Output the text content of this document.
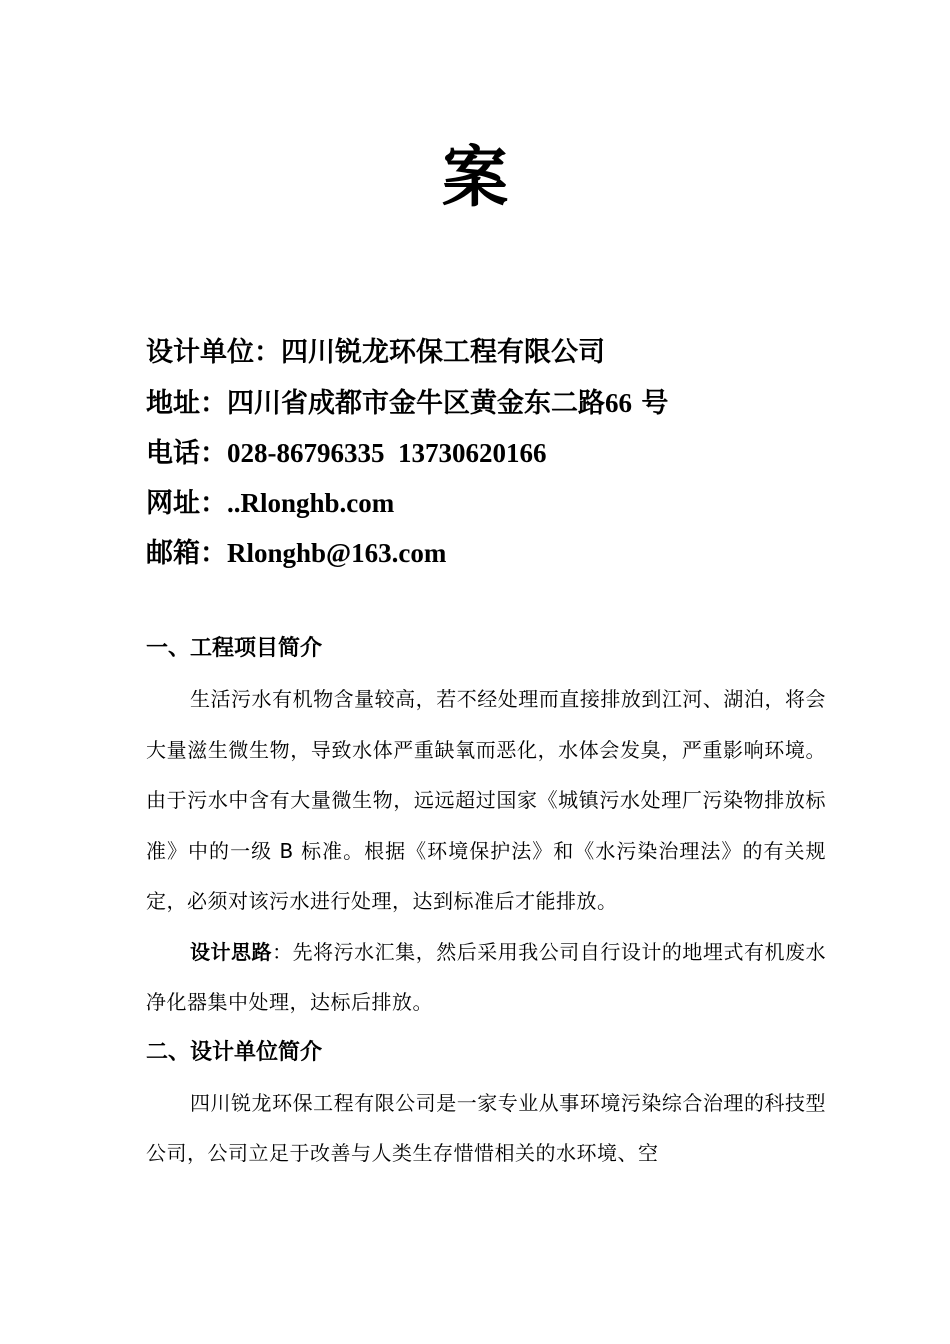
案
设计单位：四川锐龙环保工程有限公司
地址：四川省成都市金牛区黄金东二路66 号
电话：028-86796335  13730620166
网址：..Rlonghb.com
邮箱：Rlonghb@163.com
一、工程项目简介
生活污水有机物含量较高，若不经处理而直接排放到江河、湖泊，将会大量滋生微生物，导致水体严重缺氧而恶化，水体会发臭，严重影响环境。由于污水中含有大量微生物，远远超过国家《城镇污水处理厂污染物排放标准》中的一级 B 标准。根据《环境保护法》和《水污染治理法》的有关规定，必须对该污水进行处理，达到标准后才能排放。
设计思路：先将污水汇集，然后采用我公司自行设计的地埋式有机废水净化器集中处理，达标后排放。
二、设计单位简介
四川锐龙环保工程有限公司是一家专业从事环境污染综合治理的科技型公司，公司立足于改善与人类生存惜惜相关的水环境、空
